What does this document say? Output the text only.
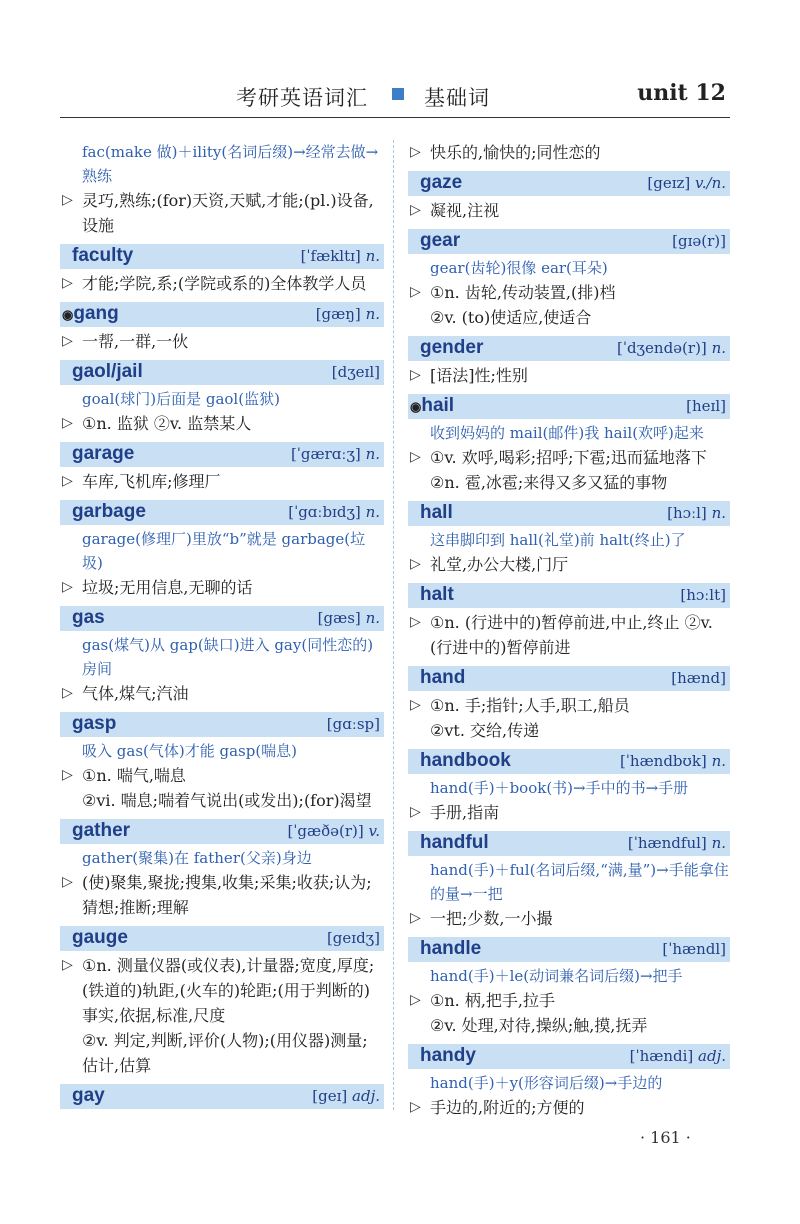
考研英语词汇	基础词	unit 12

fac(make 做)＋ility(名词后缀)→经常去做→熟练

▷ 灵巧,熟练;(for)天资,天赋,才能;(pl.)设备,设施

faculty	[ˈfækltɪ] n.

▷ 才能;学院,系;(学院或系的)全体教学人员

◉gang	[gæŋ] n.

▷ 一帮,一群,一伙

gaol/jail	[dʒeɪl]

goal(球门)后面是 gaol(监狱)

▷ ①n. 监狱 ②v. 监禁某人

garage	[ˈgærɑːʒ] n.

▷ 车库,飞机库;修理厂

garbage	[ˈgɑːbɪdʒ] n.

garage(修理厂)里放“b”就是 garbage(垃圾)

▷ 垃圾;无用信息,无聊的话

gas	[gæs] n.

gas(煤气)从 gap(缺口)进入 gay(同性恋的)房间

▷ 气体,煤气;汽油

gasp	[gɑːsp]

吸入 gas(气体)才能 gasp(喘息)

▷ ①n. 喘气,喘息

②vi. 喘息;喘着气说出(或发出);(for)渴望

gather	[ˈgæðə(r)] v.

gather(聚集)在 father(父亲)身边

▷ (使)聚集,聚拢;搜集,收集;采集;收获;认为;猜想;推断;理解

gauge	[geɪdʒ]

▷ ①n. 测量仪器(或仪表),计量器;宽度,厚度;(铁道的)轨距,(火车的)轮距;(用于判断的)事实,依据,标准,尺度

②v. 判定,判断,评价(人物);(用仪器)测量;估计,估算

gay	[geɪ] adj.

▷ 快乐的,愉快的;同性恋的

gaze	[geɪz] v./n.

▷ 凝视,注视

gear	[gɪə(r)]

gear(齿轮)很像 ear(耳朵)

▷ ①n. 齿轮,传动装置,(排)档

②v. (to)使适应,使适合

gender	[ˈdʒendə(r)] n.

▷ [语法]性;性别

◉hail	[heɪl]

收到妈妈的 mail(邮件)我 hail(欢呼)起来

▷ ①v. 欢呼,喝彩;招呼;下雹;迅而猛地落下

②n. 雹,冰雹;来得又多又猛的事物

hall	[hɔːl] n.

这串脚印到 hall(礼堂)前 halt(终止)了

▷ 礼堂,办公大楼,门厅

halt	[hɔːlt]

▷ ①n. (行进中的)暂停前进,中止,终止 ②v. (行进中的)暂停前进

hand	[hænd]

▷ ①n. 手;指针;人手,职工,船员

②vt. 交给,传递

handbook	[ˈhændbʊk] n.

hand(手)＋book(书)→手中的书→手册

▷ 手册,指南

handful	[ˈhændful] n.

hand(手)＋ful(名词后缀,“满,量”)→手能拿住的量→一把

▷ 一把;少数,一小撮

handle	[ˈhændl]

hand(手)＋le(动词兼名词后缀)→把手

▷ ①n. 柄,把手,拉手

②v. 处理,对待,操纵;触,摸,抚弄

handy	[ˈhændi] adj.

hand(手)＋y(形容词后缀)→手边的

▷ 手边的,附近的;方便的

· 161 ·
